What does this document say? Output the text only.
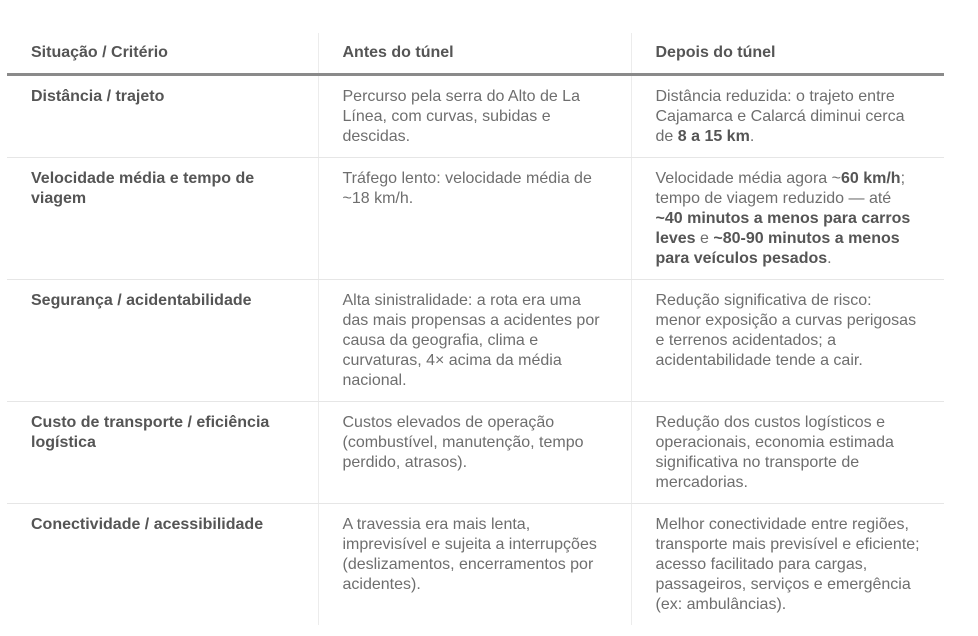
Situação / Critério	Antes do túnel	Depois do túnel
Distância / trajeto	Percurso pela serra do Alto de La Línea, com curvas, subidas e descidas.	Distância reduzida: o trajeto entre Cajamarca e Calarcá diminui cerca de 8 a 15 km.
Velocidade média e tempo de viagem	Tráfego lento: velocidade média de ~18 km/h.	Velocidade média agora ~60 km/h; tempo de viagem reduzido — até ~40 minutos a menos para carros leves e ~80-90 minutos a menos para veículos pesados.
Segurança / acidentabilidade	Alta sinistralidade: a rota era uma das mais propensas a acidentes por causa da geografia, clima e curvaturas, 4× acima da média nacional.	Redução significativa de risco: menor exposição a curvas perigosas e terrenos acidentados; a acidentabilidade tende a cair.
Custo de transporte / eficiência logística	Custos elevados de operação (combustível, manutenção, tempo perdido, atrasos).	Redução dos custos logísticos e operacionais, economia estimada significativa no transporte de mercadorias.
Conectividade / acessibilidade	A travessia era mais lenta, imprevisível e sujeita a interrupções (deslizamentos, encerramentos por acidentes).	Melhor conectividade entre regiões, transporte mais previsível e eficiente; acesso facilitado para cargas, passageiros, serviços e emergência (ex: ambulâncias).
